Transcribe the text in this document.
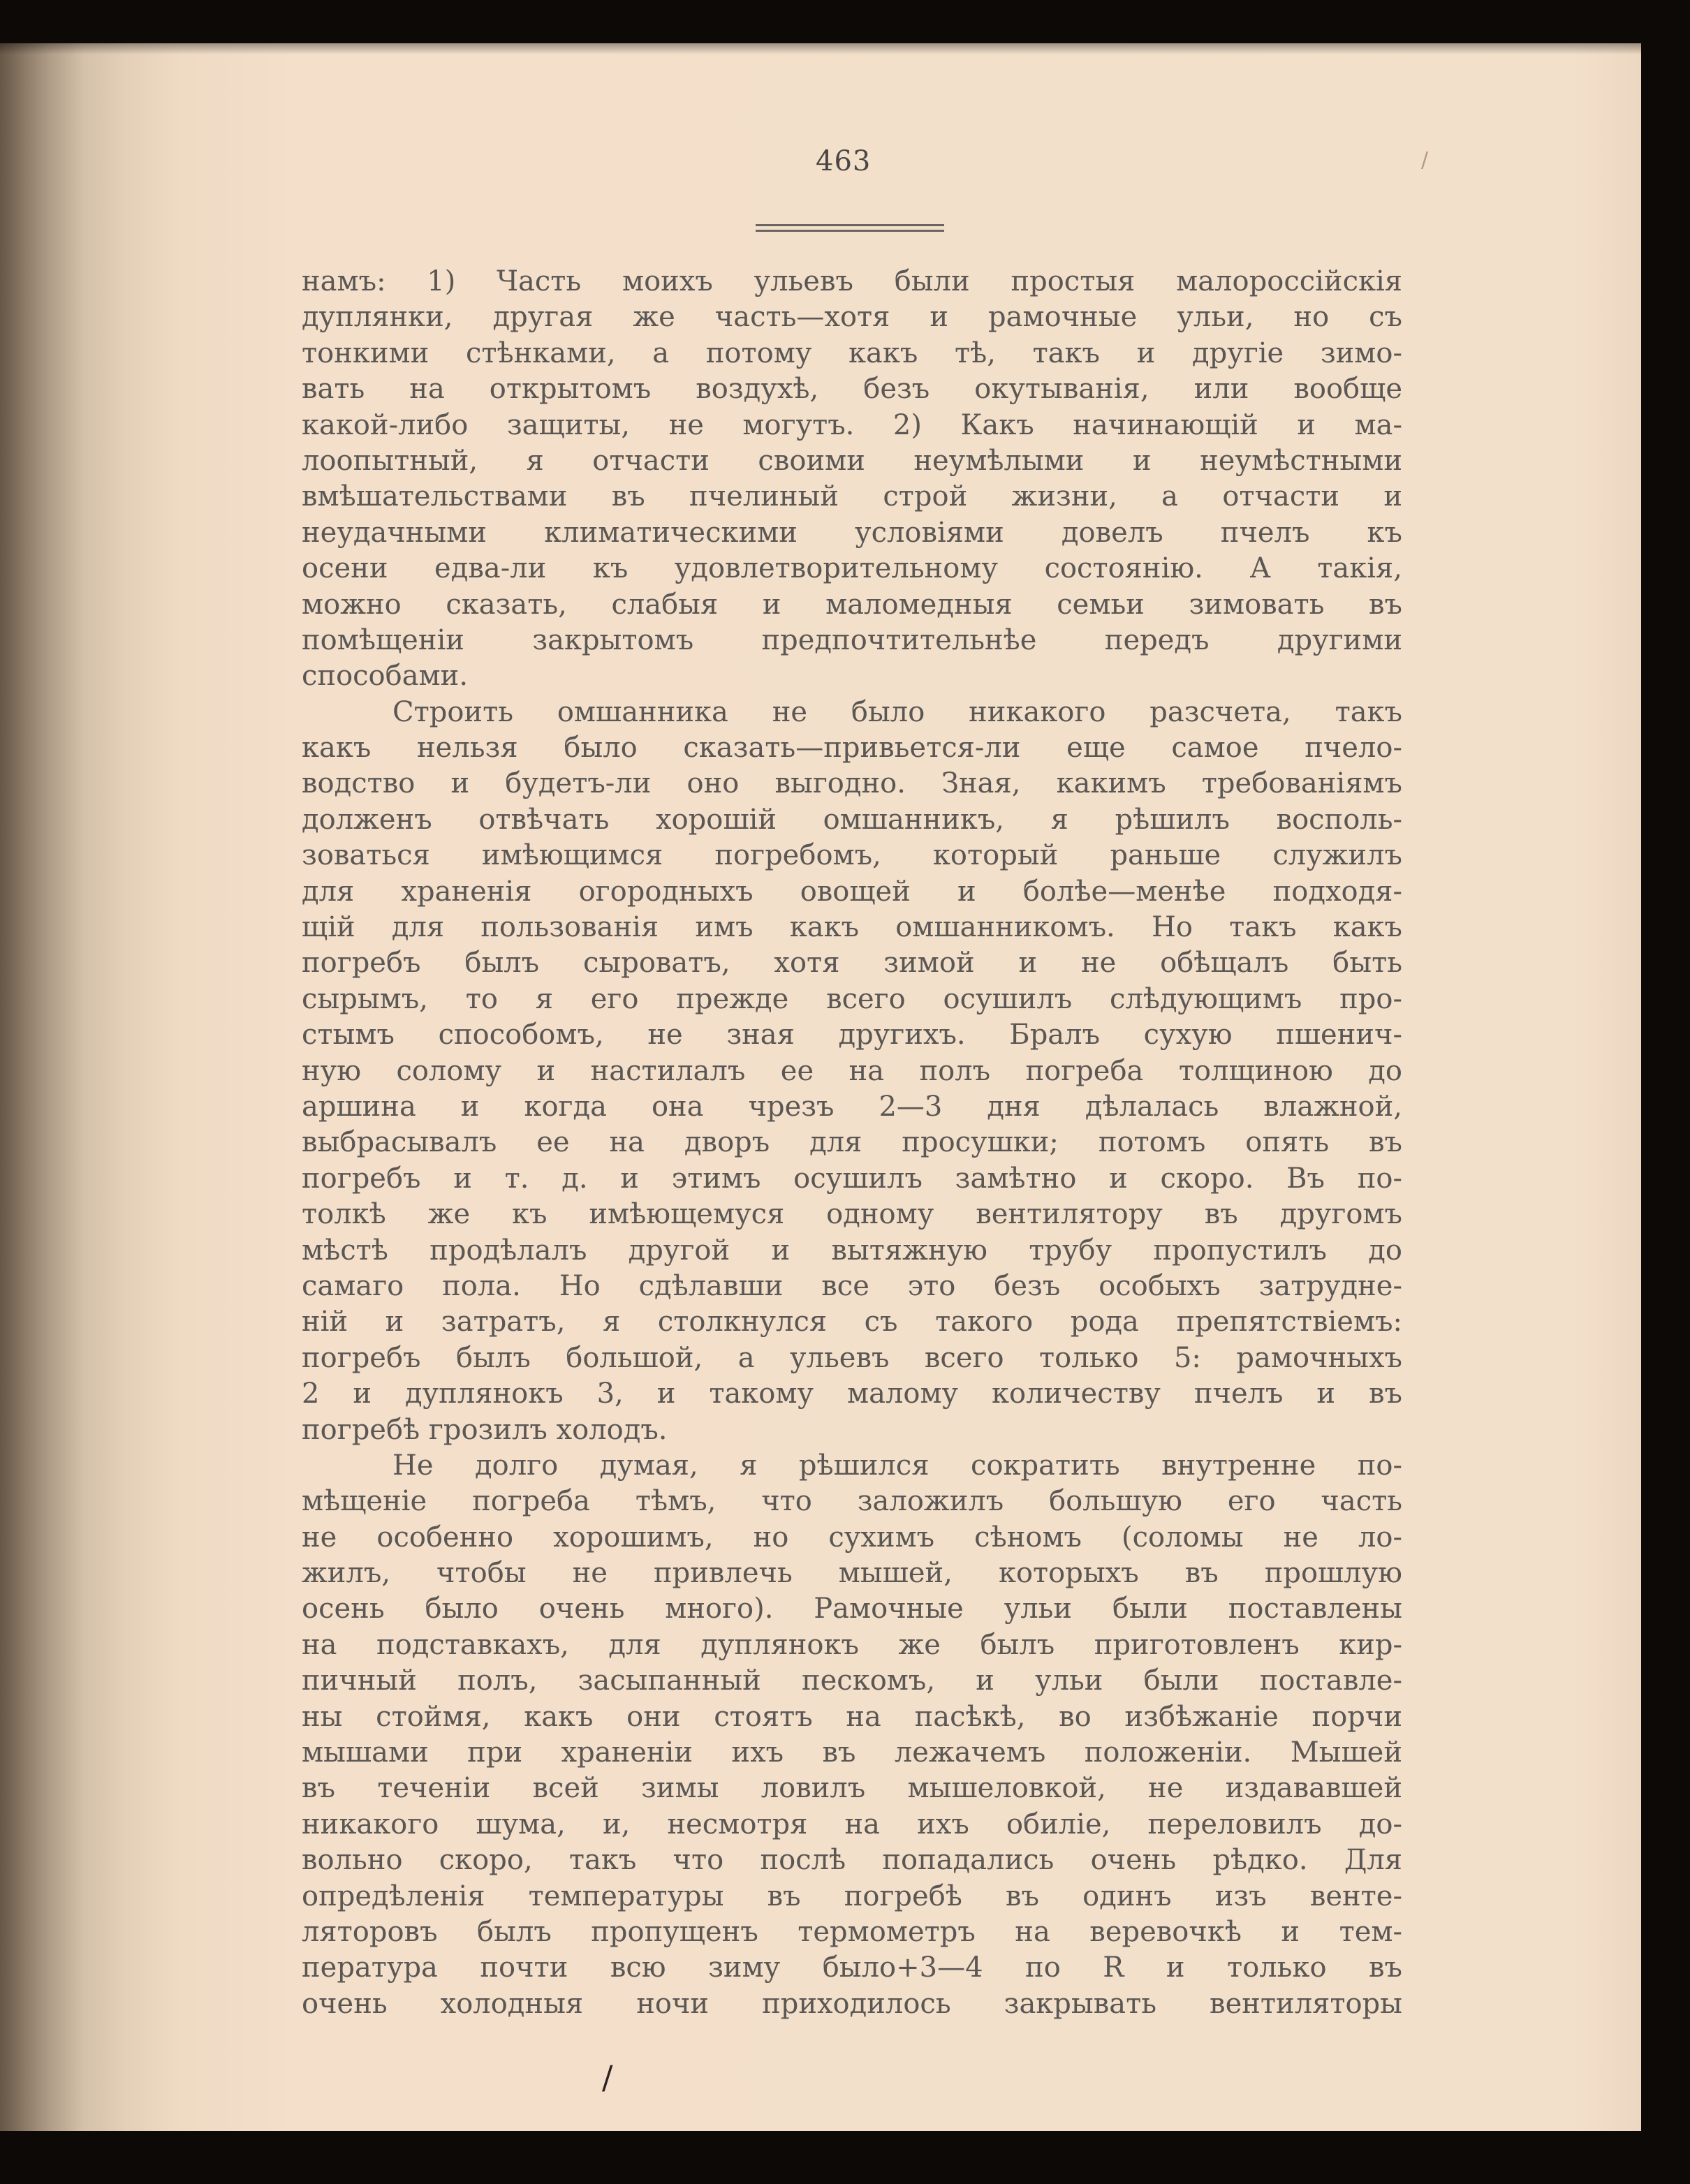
/
463
намъ: 1) Часть моихъ ульевъ были простыя малороссійскія
дуплянки, другая же часть—хотя и рамочные ульи, но съ
тонкими стѣнками, а потому какъ тѣ, такъ и другіе зимо-
вать на открытомъ воздухѣ, безъ окутыванія, или вообще
какой-либо защиты, не могутъ. 2) Какъ начинающій и ма-
лоопытный, я отчасти своими неумѣлыми и неумѣстными
вмѣшательствами въ пчелиный строй жизни, а отчасти и
неудачными климатическими условіями довелъ пчелъ къ
осени едва-ли къ удовлетворительному состоянію. А такія,
можно сказать, слабыя и маломедныя семьи зимовать въ
помѣщеніи закрытомъ предпочтительнѣе передъ другими
способами.
Строить омшанника не было никакого разсчета, такъ
какъ нельзя было сказать—привьется-ли еще самое пчело-
водство и будетъ-ли оно выгодно. Зная, какимъ требованіямъ
долженъ отвѣчать хорошій омшанникъ, я рѣшилъ восполь-
зоваться имѣющимся погребомъ, который раньше служилъ
для храненія огородныхъ овощей и болѣе—менѣе подходя-
щій для пользованія имъ какъ омшанникомъ. Но такъ какъ
погребъ былъ сыроватъ, хотя зимой и не обѣщалъ быть
сырымъ, то я его прежде всего осушилъ слѣдующимъ про-
стымъ способомъ, не зная другихъ. Бралъ сухую пшенич-
ную солому и настилалъ ее на полъ погреба толщиною до
аршина и когда она чрезъ 2—3 дня дѣлалась влажной,
выбрасывалъ ее на дворъ для просушки; потомъ опять въ
погребъ и т. д. и этимъ осушилъ замѣтно и скоро. Въ по-
толкѣ же къ имѣющемуся одному вентилятору въ другомъ
мѣстѣ продѣлалъ другой и вытяжную трубу пропустилъ до
самаго пола. Но сдѣлавши все это безъ особыхъ затрудне-
ній и затратъ, я столкнулся съ такого рода препятствіемъ:
погребъ былъ большой, а ульевъ всего только 5: рамочныхъ
2 и дуплянокъ 3, и такому малому количеству пчелъ и въ
погребѣ грозилъ холодъ.
Не долго думая, я рѣшился сократить внутренне по-
мѣщеніе погреба тѣмъ, что заложилъ большую его часть
не особенно хорошимъ, но сухимъ сѣномъ (соломы не ло-
жилъ, чтобы не привлечь мышей, которыхъ въ прошлую
осень было очень много). Рамочные ульи были поставлены
на подставкахъ, для дуплянокъ же былъ приготовленъ кир-
пичный полъ, засыпанный пескомъ, и ульи были поставле-
ны стоймя, какъ они стоятъ на пасѣкѣ, во избѣжаніе порчи
мышами при храненіи ихъ въ лежачемъ положеніи. Мышей
въ теченіи всей зимы ловилъ мышеловкой, не издававшей
никакого шума, и, несмотря на ихъ обиліе, переловилъ до-
вольно скоро, такъ что послѣ попадались очень рѣдко. Для
опредѣленія температуры въ погребѣ въ одинъ изъ венте-
ляторовъ былъ пропущенъ термометръ на веревочкѣ и тем-
пература почти всю зиму было+3—4 по R и только въ
очень холодныя ночи приходилось закрывать вентиляторы
/
